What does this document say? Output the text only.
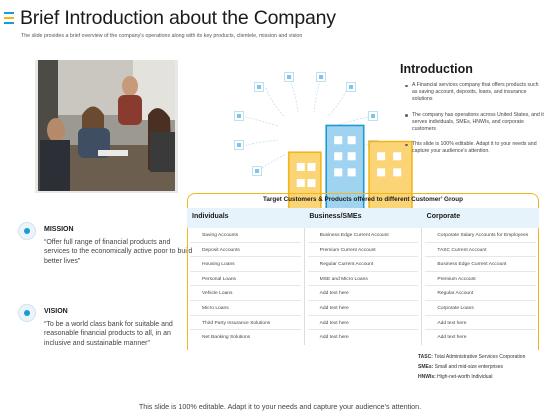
Brief Introduction about the Company
The slide provides a brief overview of the company's operations along with its key products, clientele, mission and vision
MISSION

“Offer full range of financial products and services to the economically active poor to build better lives”

VISION

“To be a world class bank for suitable and reasonable financial products to all, in an inclusive and sustainable manner”

Introduction
A Financial services company that offers products such as saving account, deposits, loans, and insurance solutions
The company has operations across United States, and it serves individuals, SMEs, HNWIs, and corporate customers
This slide is 100% editable. Adapt it to your needs and capture your audience's attention.
Target Customers & Products offered to different Customer’ Group
Individuals	Business/SMEs	Corporate
Saving Accounts
Deposit Accounts
Housing Loans
Personal Loans
Vehicle Loans
Micro Loans
Third Party Insurance Solutions
Net Banking Solutions
Business Edge Current Account
Premium Current Account
Regular Current Account
MSE and Micro Loans
Add text here
Add text here
Add text here
Add text here
Corporate Salary Accounts for Employees
TASC Current Account
Business Edge Current Account
Premium Account
Regular Account
Corporate Loans
Add text here
Add text here

TASC: Total Administrative Services Corporation

SMEs: Small and mid-size enterprises

HNWIs: High-net-worth Individual

This slide is 100% editable. Adapt it to your needs and capture your audience’s attention.
